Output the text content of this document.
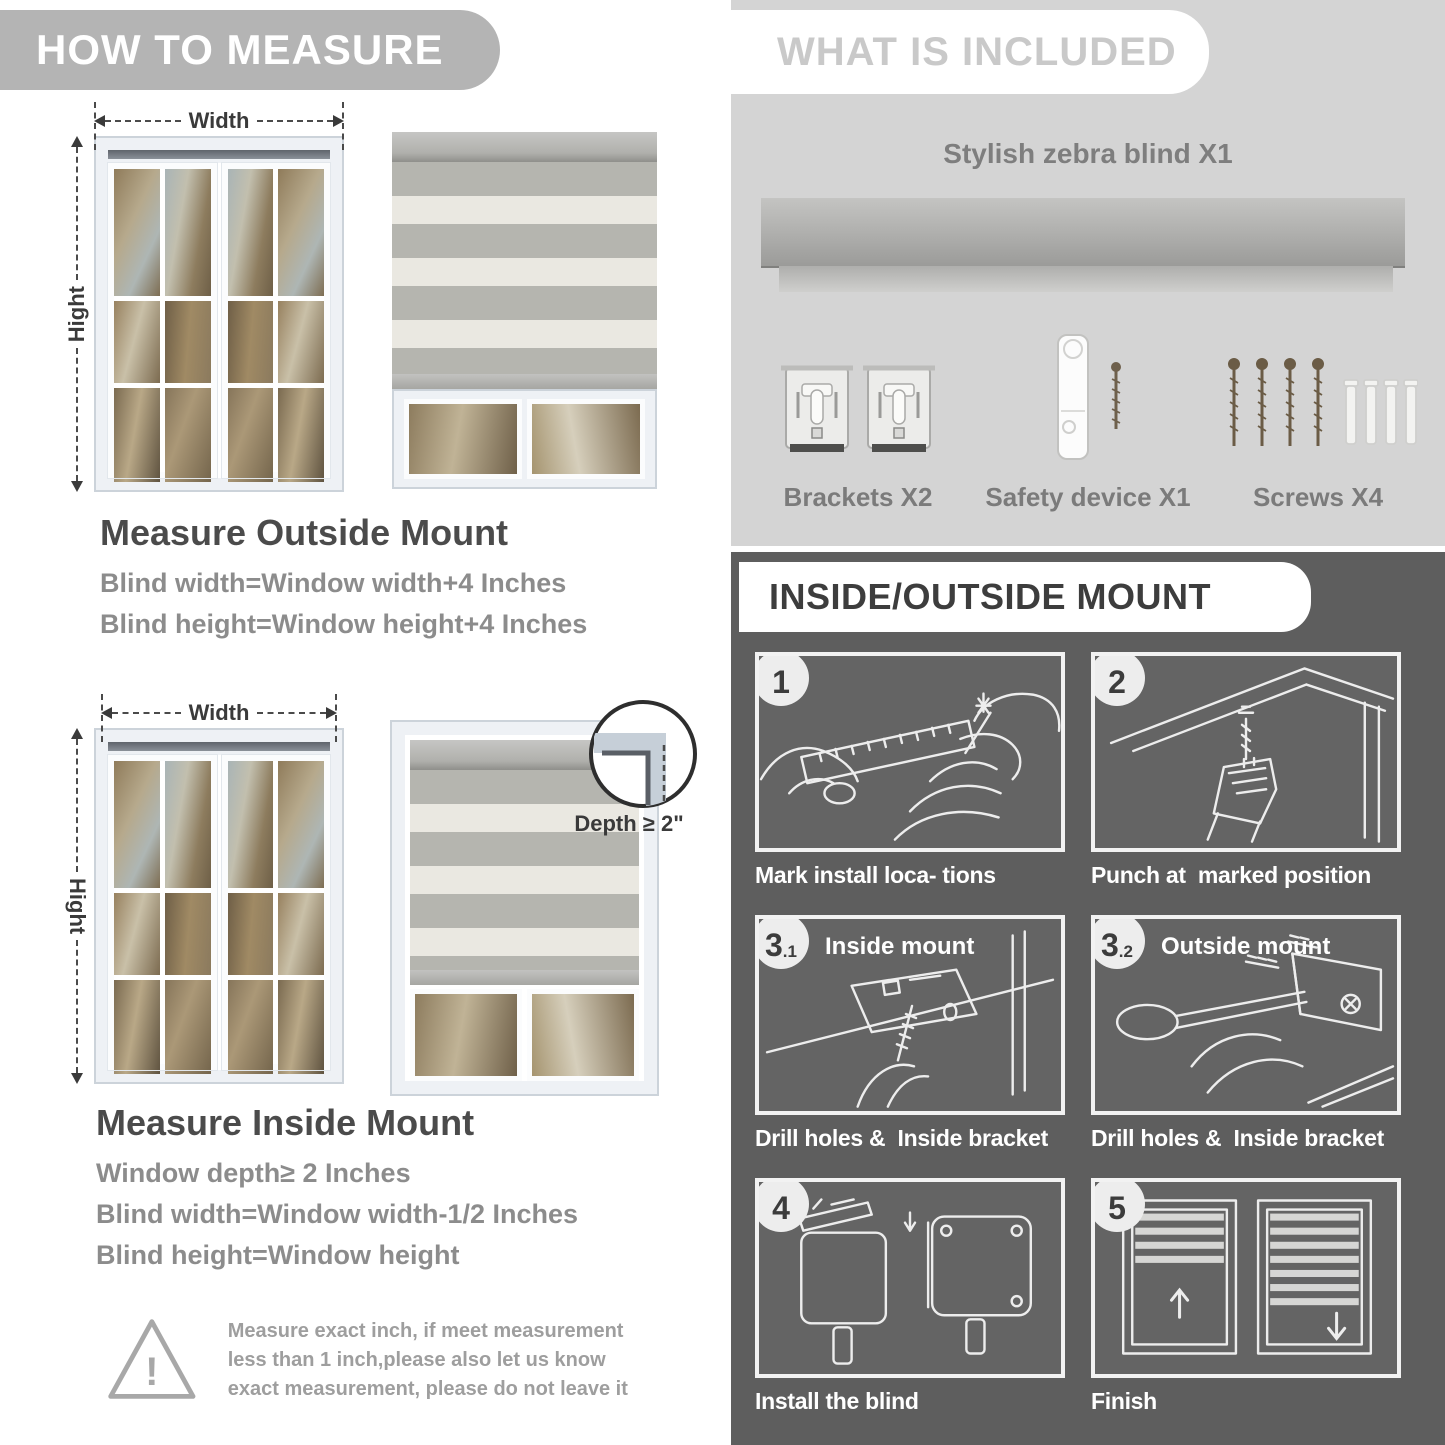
HOW TO MEASURE
Width
Hight
Measure Outside Mount

Blind width=Window width+4 Inches

Blind height=Window height+4 Inches

Width
Hight
Depth ≥ 2"
Measure Inside Mount

Window depth≥ 2 Inches

Blind width=Window width-1/2 Inches

Blind height=Window height

!
Measure exact inch, if meet measurement less than 1 inch,please also let us know exact measurement, please do not leave it
WHAT IS INCLUDED
Stylish zebra blind X1
Brackets X2	Safety device X1	Screws X4
INSIDE/OUTSIDE MOUNT
1
Mark install loca- tions
2
Punch at  marked position
3 .1 Inside mount
Drill holes &  Inside bracket
3 .2 Outside mount
Drill holes &  Inside bracket
4
Install the blind
5
Finish
